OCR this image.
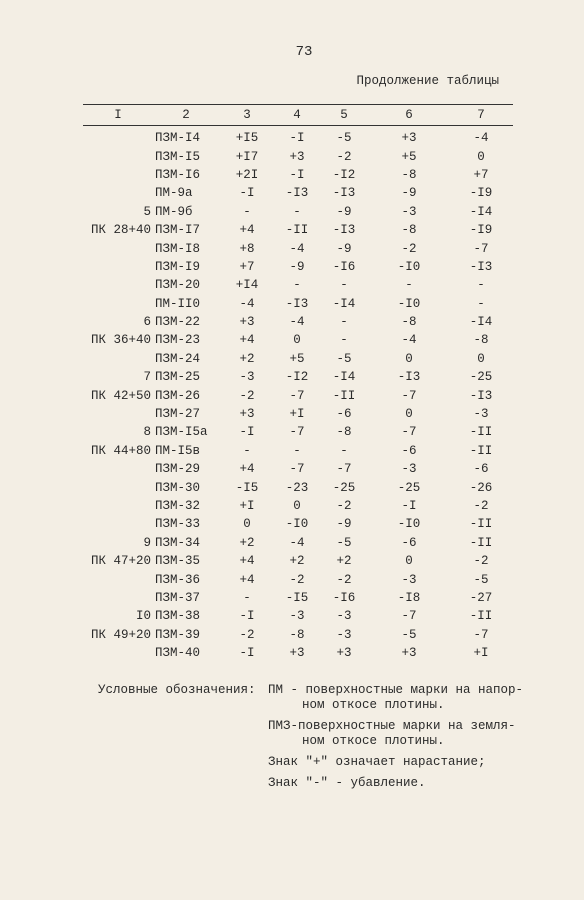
73
Продолжение таблицы
I	2	3	4	5	6	7
	ПЗМ-I4	+I5	-I	-5	+3	-4
	ПЗМ-I5	+I7	+3	-2	+5	0
	ПЗМ-I6	+2I	-I	-I2	-8	+7
	ПМ-9а	-I	-I3	-I3	-9	-I9
5	ПМ-9б	-	-	-9	-3	-I4
ПК 28+40	ПЗМ-I7	+4	-II	-I3	-8	-I9
	ПЗМ-I8	+8	-4	-9	-2	-7
	ПЗМ-I9	+7	-9	-I6	-I0	-I3
	ПЗМ-20	+I4	-	-	-	-
	ПМ-II0	-4	-I3	-I4	-I0	-
6	ПЗМ-22	+3	-4	-	-8	-I4
ПК 36+40	ПЗМ-23	+4	0	-	-4	-8
	ПЗМ-24	+2	+5	-5	0	0
7	ПЗМ-25	-3	-I2	-I4	-I3	-25
ПК 42+50	ПЗМ-26	-2	-7	-II	-7	-I3
	ПЗМ-27	+3	+I	-6	0	-3
8	ПЗМ-I5а	-I	-7	-8	-7	-II
ПК 44+80	ПМ-I5в	-	-	-	-6	-II
	ПЗМ-29	+4	-7	-7	-3	-6
	ПЗМ-30	-I5	-23	-25	-25	-26
	ПЗМ-32	+I	0	-2	-I	-2
	ПЗМ-33	0	-I0	-9	-I0	-II
9	ПЗМ-34	+2	-4	-5	-6	-II
ПК 47+20	ПЗМ-35	+4	+2	+2	0	-2
	ПЗМ-36	+4	-2	-2	-3	-5
	ПЗМ-37	-	-I5	-I6	-I8	-27
I0	ПЗМ-38	-I	-3	-3	-7	-II
ПК 49+20	ПЗМ-39	-2	-8	-3	-5	-7
	ПЗМ-40	-I	+3	+3	+3	+I
Условные обозначения: ПМ - поверхностные марки на напор-
ном откосе плотины.
ПМЗ-поверхностные марки на земля-
ном откосе плотины.
Знак "+" означает нарастание;
Знак "-" - убавление.
